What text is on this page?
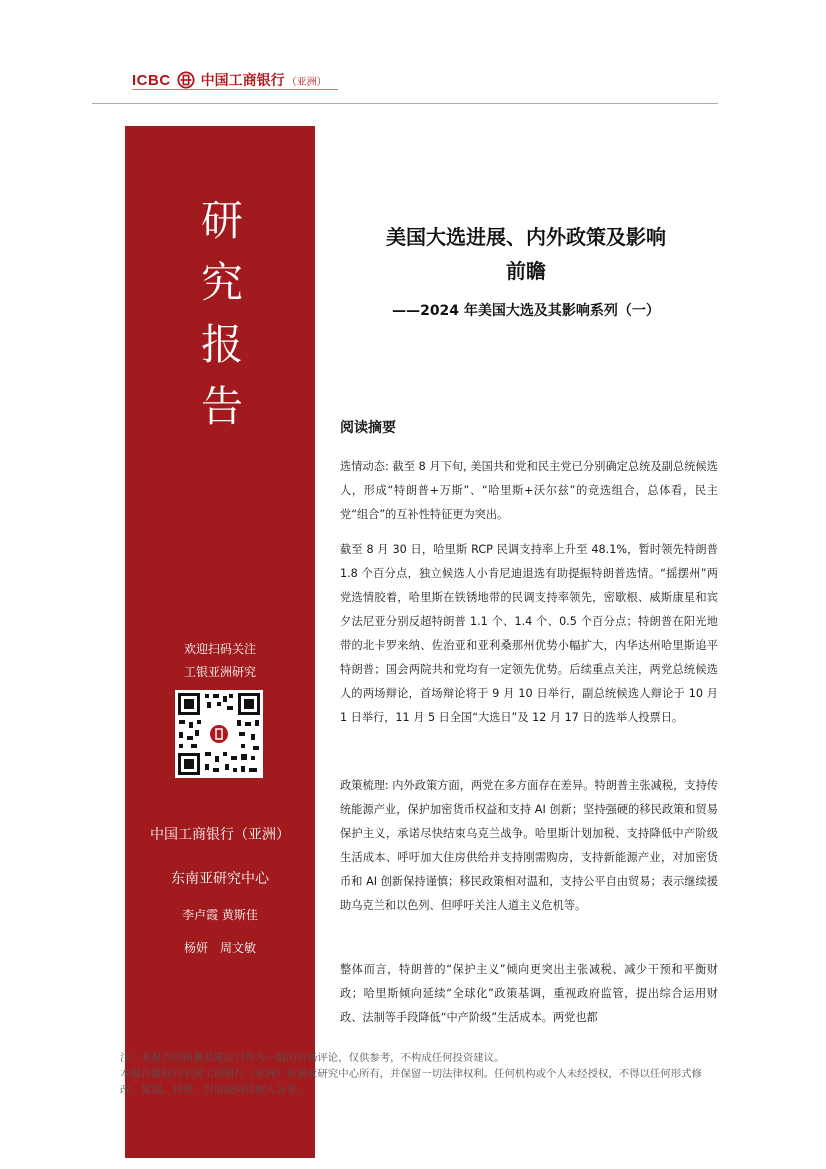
ICBC 中国工商银行 （亚洲）
研
究
报
告
欢迎扫码关注
工银亚洲研究
中国工商银行（亚洲）
东南亚研究中心
李卢霞 黄斯佳
杨妍　周文敏
美国大选进展、内外政策及影响
前瞻
——2024 年美国大选及其影响系列（一）
阅读摘要
选情动态: 截至 8 月下旬, 美国共和党和民主党已分别确定总统及副总统候选人，形成“特朗普+万斯”、“哈里斯+沃尔兹”的竞选组合，总体看，民主党“组合”的互补性特征更为突出。
截至 8 月 30 日，哈里斯 RCP 民调支持率上升至 48.1%，暂时领先特朗普 1.8 个百分点，独立候选人小肯尼迪退选有助提振特朗普选情。“摇摆州”两党选情胶着，哈里斯在铁锈地带的民调支持率领先，密歇根、威斯康星和宾夕法尼亚分别反超特朗普 1.1 个、1.4 个、0.5 个百分点；特朗普在阳光地带的北卡罗来纳、佐治亚和亚利桑那州优势小幅扩大，内华达州哈里斯追平特朗普；国会两院共和党均有一定领先优势。后续重点关注，两党总统候选人的两场辩论，首场辩论将于 9 月 10 日举行，副总统候选人辩论于 10 月 1 日举行，11 月 5 日全国“大选日”及 12 月 17 日的选举人投票日。
政策梳理: 内外政策方面，两党在多方面存在差异。特朗普主张减税，支持传统能源产业，保护加密货币权益和支持 AI 创新；坚持强硬的移民政策和贸易保护主义，承诺尽快结束乌克兰战争。哈里斯计划加税、支持降低中产阶级生活成本、呼吁加大住房供给并支持刚需购房，支持新能源产业，对加密货币和 AI 创新保持谨慎；移民政策相对温和，支持公平自由贸易；表示继续援助乌克兰和以色列、但呼吁关注人道主义危机等。
整体而言，特朗普的“保护主义”倾向更突出主张减税、减少干预和平衡财政；哈里斯倾向延续“全球化”政策基调，重视政府监管，提出综合运用财政、法制等手段降低“中产阶级”生活成本。两党也都
注：本报告的预测及建议只作为一般的市场评论，仅供参考，不构成任何投资建议。
本报告版权归中国工商银行（亚洲）东南亚研究中心所有，并保留一切法律权利。任何机构或个人未经授权，不得以任何形式修改、复制、刊登、引用或向其他人分发。
